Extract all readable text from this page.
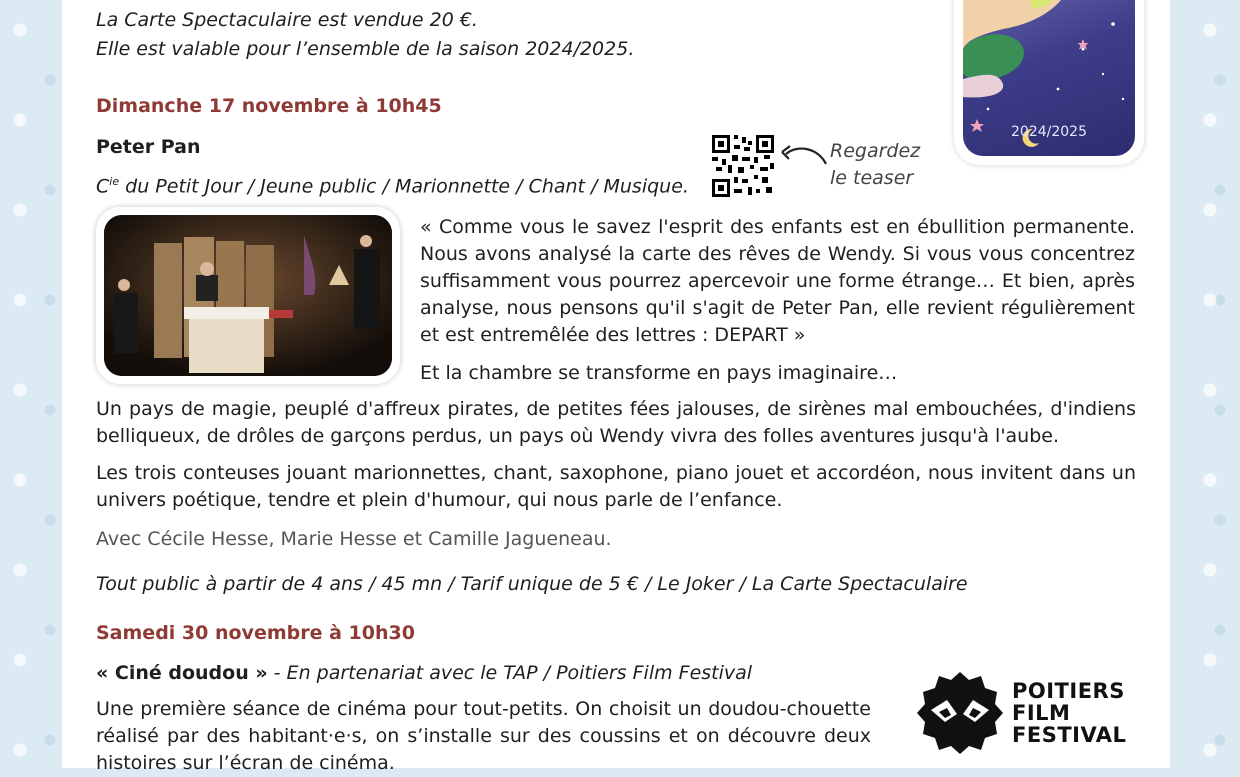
La Carte Spectaculaire est vendue 20 €.
Elle est valable pour l’ensemble de la saison 2024/2025.
2024/2025
Dimanche 17 novembre à 10h45
Peter Pan
$C^{ie}$ du Petit Jour / Jeune public / Marionnette / Chant / Musique.
Regardez
le teaser
« Comme vous le savez l'esprit des enfants est en ébullition permanente. Nous avons analysé la carte des rêves de Wendy. Si vous vous concentrez suffisamment vous pourrez apercevoir une forme étrange… Et bien, après analyse, nous pensons qu'il s'agit de Peter Pan, elle revient régulièrement et est entremêlée des lettres : DEPART »
Et la chambre se transforme en pays imaginaire…
Un pays de magie, peuplé d'affreux pirates, de petites fées jalouses, de sirènes mal embouchées, d'indiens belliqueux, de drôles de garçons perdus, un pays où Wendy vivra des folles aventures jusqu'à l'aube.
Les trois conteuses jouant marionnettes, chant, saxophone, piano jouet et accordéon, nous invitent dans un univers poétique, tendre et plein d'humour, qui nous parle de l’enfance.
Avec Cécile Hesse, Marie Hesse et Camille Jagueneau.
Tout public à partir de 4 ans / 45 mn / Tarif unique de 5 € / Le Joker / La Carte Spectaculaire
Samedi 30 novembre à 10h30
« Ciné doudou » - En partenariat avec le TAP / Poitiers Film Festival
Une première séance de cinéma pour tout-petits. On choisit un doudou-chouette réalisé par des habitant·e·s, on s’installe sur des coussins et on découvre deux histoires sur l’écran de cinéma.
POITIERS
FILM
FESTIVAL
